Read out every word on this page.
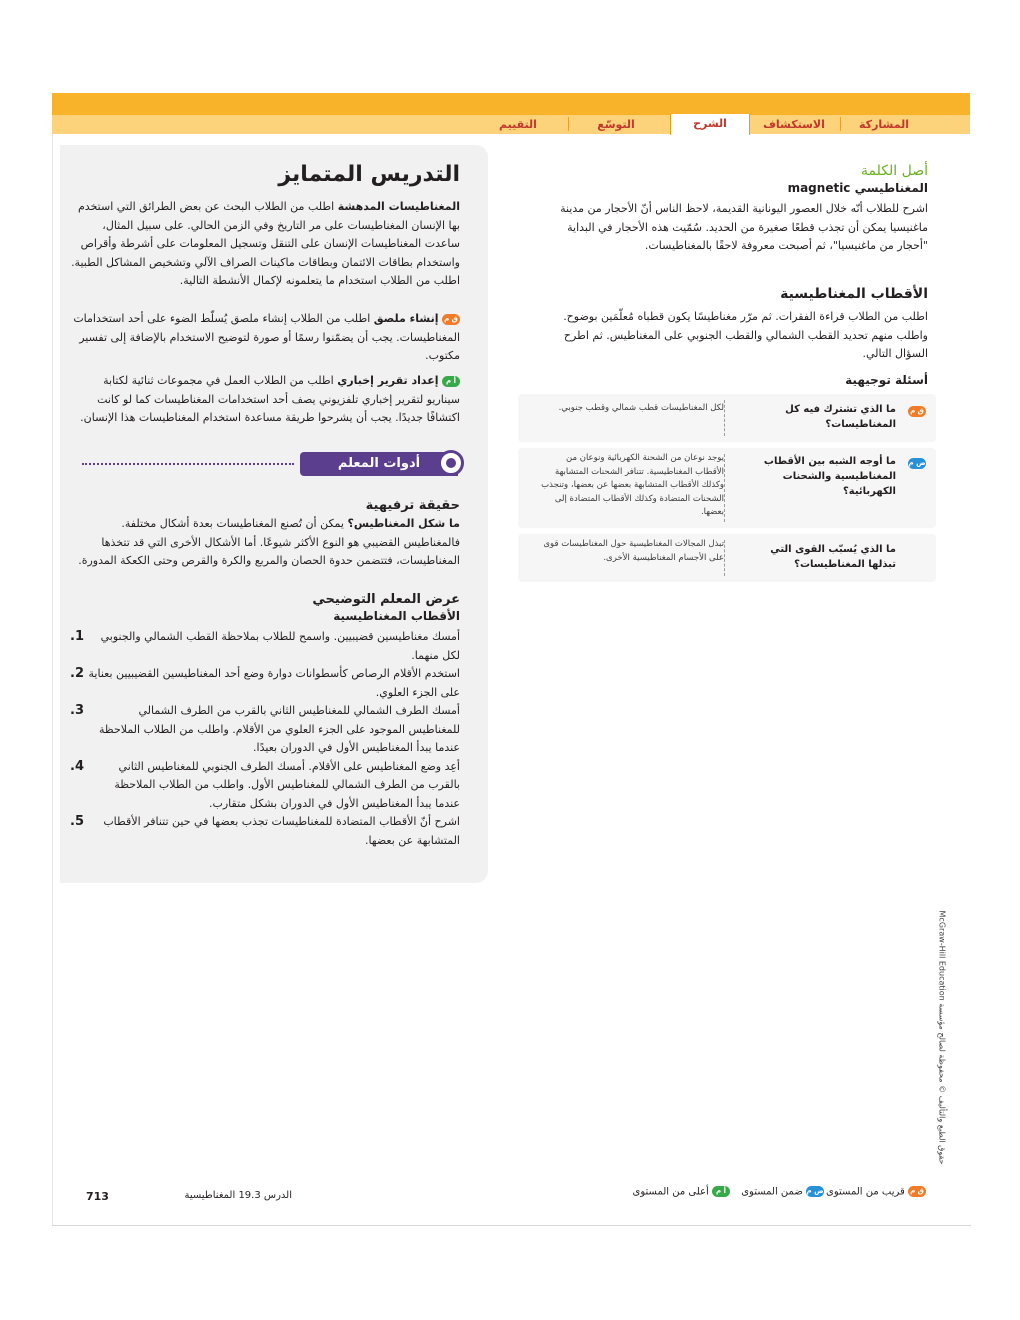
المشاركة
الاستكشاف
الشرح
التوسّع
التقييم
أصل الكلمة
المغناطيسي magnetic
اشرح للطلاب أنّه خلال العصور اليونانية القديمة، لاحظ الناس أنّ الأحجار من مدينة ماغنيسيا يمكن أن تجذب قطعًا صغيرة من الحديد. سُمّيت هذه الأحجار في البداية "أحجار من ماغنيسيا"، ثم أصبحت معروفة لاحقًا بالمغناطيسات.
الأقطاب المغناطيسية
اطلب من الطلاب قراءة الفقرات. ثم مرّر مغناطيسًا يكون قطباه مُعلّمَين بوضوح. واطلب منهم تحديد القطب الشمالي والقطب الجنوبي على المغناطيس. ثم اطرح السؤال التالي.
أسئلة توجيهية
ق م
ما الذي تشترك فيه كل المغناطيسات؟
لكل المغناطيسات قطب شمالي وقطب جنوبي.
ض م
ما أوجه الشبه بين الأقطاب المغناطيسية والشحنات الكهربائية؟
يوجد نوعان من الشحنة الكهربائية ونوعان من الأقطاب المغناطيسية. تتنافر الشحنات المتشابهة وكذلك الأقطاب المتشابهة بعضها عن بعضها، وتنجذب الشحنات المتضادة وكذلك الأقطاب المتضادة إلى بعضها.
ما الذي يُسبّب القوى التي تبذلها المغناطيسات؟
تبذل المجالات المغناطيسية حول المغناطيسات قوى على الأجسام المغناطيسية الأخرى.
التدريس المتمايز
المغناطيسات المدهشة اطلب من الطلاب البحث عن بعض الطرائق التي استخدم بها الإنسان المغناطيسات على مر التاريخ وفي الزمن الحالي. على سبيل المثال، ساعدت المغناطيسات الإنسان على التنقل وتسجيل المعلومات على أشرطة وأقراص واستخدام بطاقات الائتمان وبطاقات ماكينات الصراف الآلي وتشخيص المشاكل الطبية. اطلب من الطلاب استخدام ما يتعلمونه لإكمال الأنشطة التالية.
ق م إنشاء ملصق اطلب من الطلاب إنشاء ملصق يُسلّط الضوء على أحد استخدامات المغناطيسات. يجب أن يضمّنوا رسمًا أو صورة لتوضيح الاستخدام بالإضافة إلى تفسير مكتوب.
أ م إعداد تقرير إخباري اطلب من الطلاب العمل في مجموعات ثنائية لكتابة سيناريو لتقرير إخباري تلفزيوني يصف أحد استخدامات المغناطيسات كما لو كانت اكتشافًا جديدًا. يجب أن يشرحوا طريقة مساعدة استخدام المغناطيسات هذا الإنسان.
أدوات المعلم
حقيقة ترفيهية
ما شكل المغناطيس؟ يمكن أن تُصنع المغناطيسات بعدة أشكال مختلفة. فالمغناطيس القضيبي هو النوع الأكثر شيوعًا. أما الأشكال الأخرى التي قد تتخذها المغناطيسات، فتتضمن حدوة الحصان والمربع والكرة والقرص وحتى الكعكة المدورة.
عرض المعلم التوضيحي
الأقطاب المغناطيسية
1. أمسك مغناطيسين قضيبيين. واسمح للطلاب بملاحظة القطب الشمالي والجنوبي لكل منهما.
2. استخدم الأقلام الرصاص كأسطوانات دوارة وضع أحد المغناطيسين القضيبيين بعناية على الجزء العلوي.
3.	أمسك الطرف الشمالي للمغناطيس الثاني بالقرب من الطرف الشمالي للمغناطيس الموجود على الجزء العلوي من الأقلام. واطلب من الطلاب الملاحظة عندما يبدأ المغناطيس الأول في الدوران بعيدًا.
4.	أعِد وضع المغناطيس على الأقلام. أمسك الطرف الجنوبي للمغناطيس الثاني بالقرب من الطرف الشمالي للمغناطيس الأول. واطلب من الطلاب الملاحظة عندما يبدأ المغناطيس الأول في الدوران بشكل متقارب.
5. اشرح أنّ الأقطاب المتضادة للمغناطيسات تجذب بعضها في حين تتنافر الأقطاب المتشابهة عن بعضها.
حقوق الطبع والتأليف © محفوظة لصالح مؤسسة McGraw-Hill Education
ق م قريب من المستوى
ض م ضمن المستوى
أ م أعلى من المستوى
713	الدرس 19.3 المغناطيسية
